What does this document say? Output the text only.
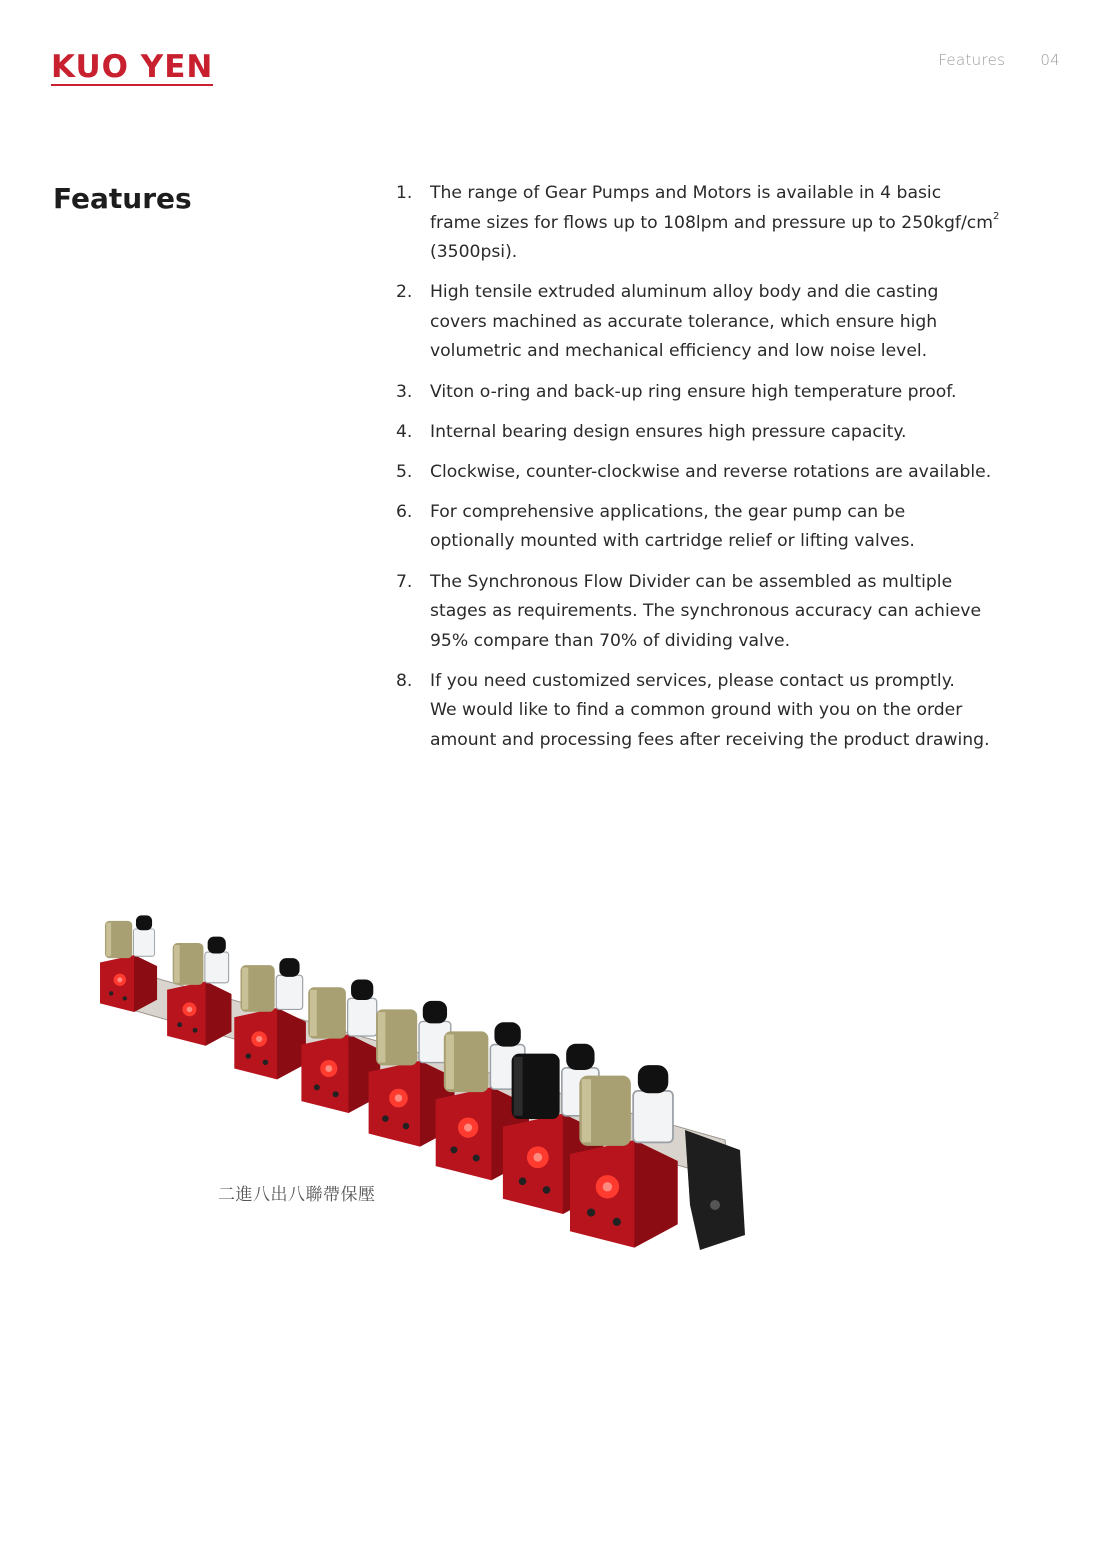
KUO YEN	Features 04
Features	1.	The range of Gear Pumps and Motors is available in 4 basic
frame sizes for flows up to 108lpm and pressure up to $250kgf/cm^2$
(3500psi).
2.	High tensile extruded aluminum alloy body and die casting
covers machined as accurate tolerance, which ensure high
volumetric and mechanical efficiency and low noise level.
3.	Viton o-ring and back-up ring ensure high temperature proof.
4.	Internal bearing design ensures high pressure capacity.
5.	Clockwise, counter-clockwise and reverse rotations are available.
6.	For comprehensive applications, the gear pump can be
optionally mounted with cartridge relief or lifting valves.
7.	The Synchronous Flow Divider can be assembled as multiple
stages as requirements. The synchronous accuracy can achieve
95% compare than 70% of dividing valve.
8.	If you need customized services, please contact us promptly.
We would like to find a common ground with you on the order
amount and processing fees after receiving the product drawing.
二進八出八聯帶保壓
